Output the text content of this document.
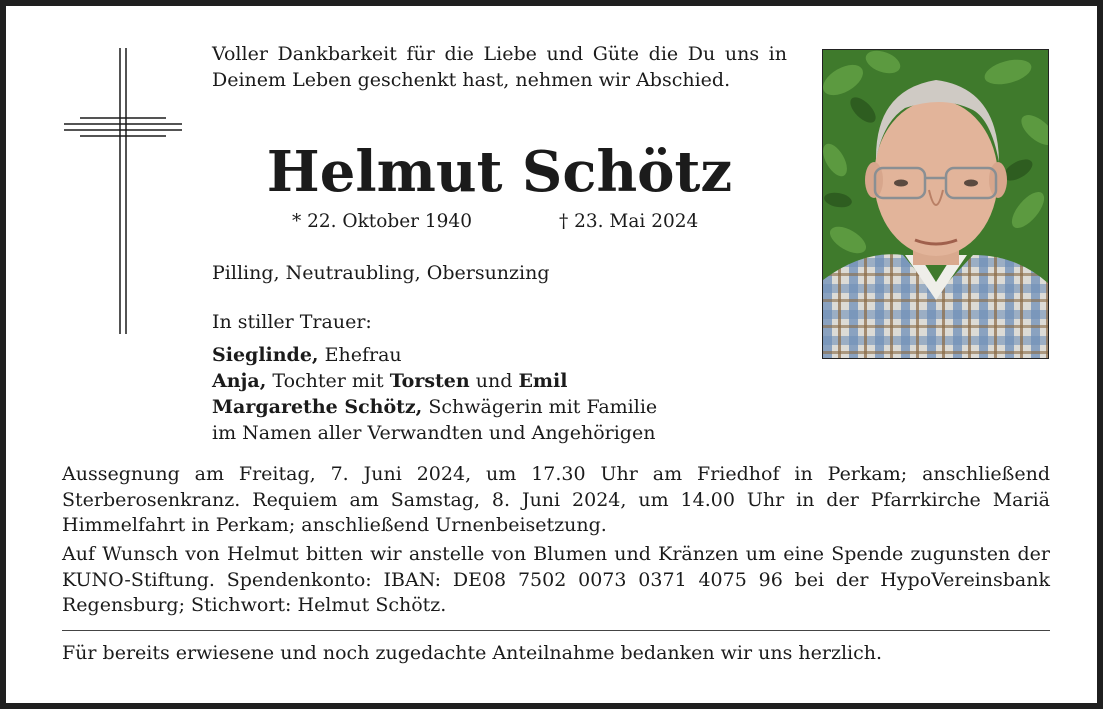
Voller Dankbarkeit für die Liebe und Güte die Du uns in Deinem Leben geschenkt hast, nehmen wir Abschied.
Helmut Schötz
* 22. Oktober 1940	† 23. Mai 2024
Pilling, Neutraubling, Obersunzing
In stiller Trauer:
Sieglinde, Ehefrau
Anja, Tochter mit Torsten und Emil
Margarethe Schötz, Schwägerin mit Familie
im Namen aller Verwandten und Angehörigen
Aussegnung am Freitag, 7. Juni 2024, um 17.30 Uhr am Friedhof in Perkam; anschließend Sterberosenkranz. Requiem am Samstag, 8. Juni 2024, um 14.00 Uhr in der Pfarrkirche Mariä Himmelfahrt in Perkam; anschließend Urnenbeisetzung.
Auf Wunsch von Helmut bitten wir anstelle von Blumen und Kränzen um eine Spende zugunsten der KUNO-Stiftung. Spendenkonto: IBAN: DE08 7502 0073 0371 4075 96 bei der HypoVereinsbank Regensburg; Stichwort: Helmut Schötz.
Für bereits erwiesene und noch zugedachte Anteilnahme bedanken wir uns herzlich.
